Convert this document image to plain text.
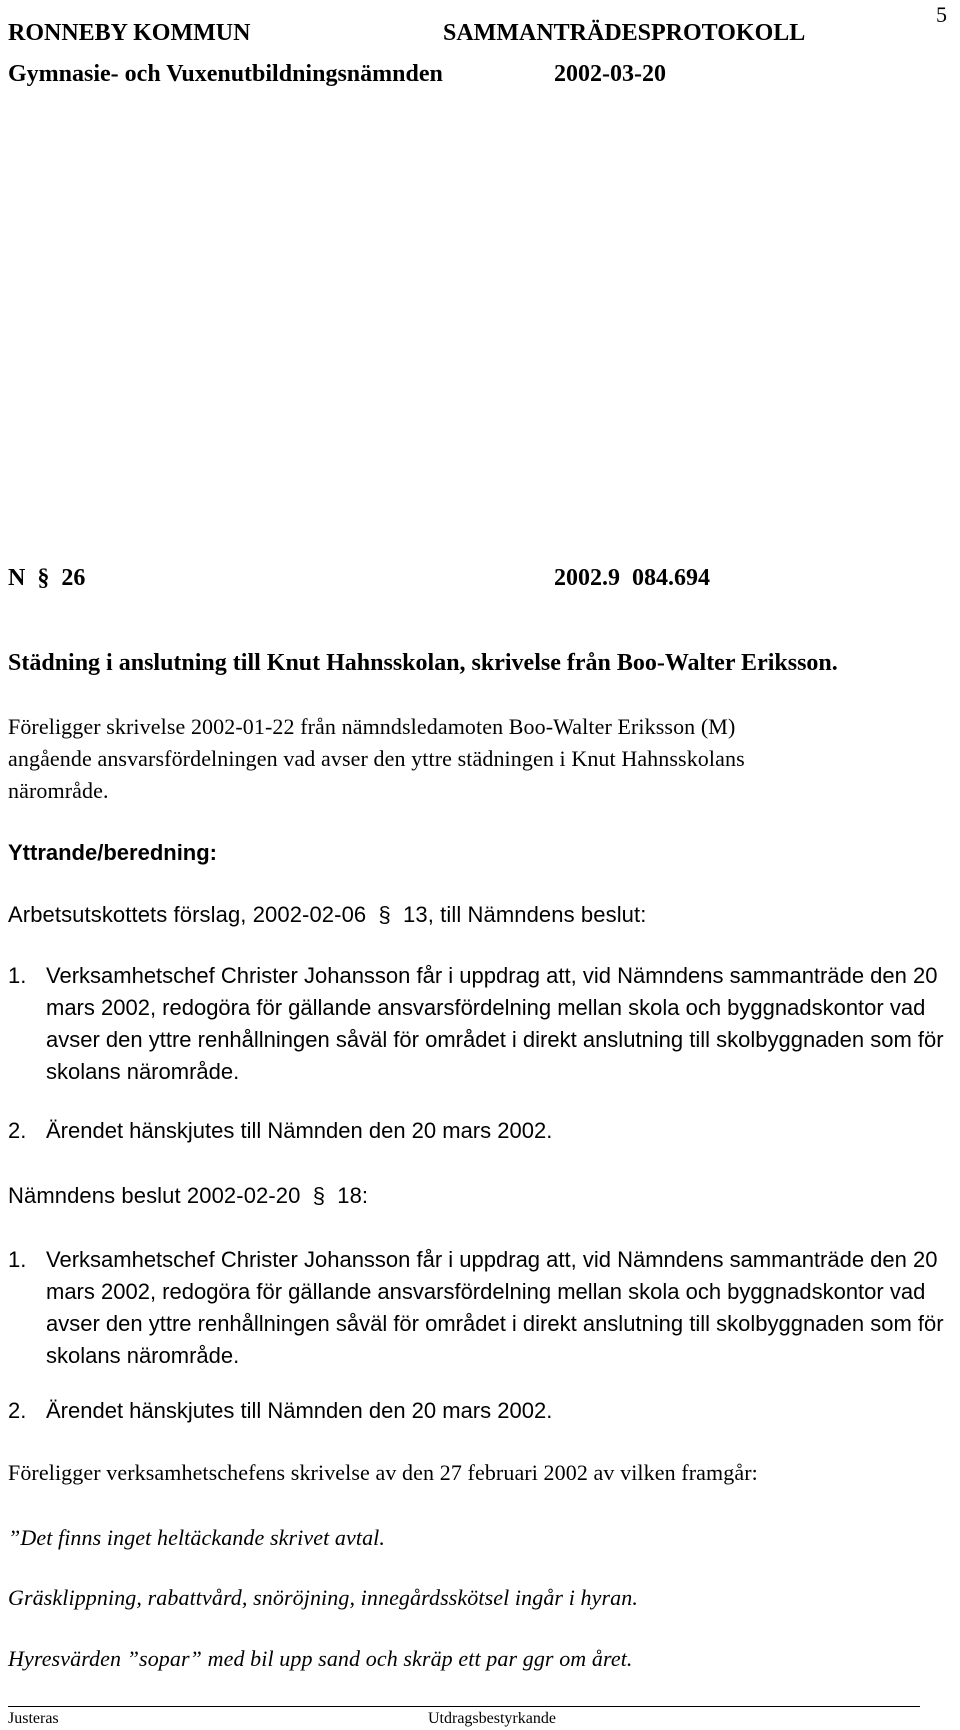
5
RONNEBY KOMMUN	SAMMANTRÄDESPROTOKOLL
Gymnasie- och Vuxenutbildningsnämnden	2002-03-20
N § 26	2002.9  084.694
Städning i anslutning till Knut Hahnsskolan, skrivelse från Boo-Walter Eriksson.
Föreligger skrivelse 2002-01-22 från nämndsledamoten Boo-Walter Eriksson (M)
angående ansvarsfördelningen vad avser den yttre städningen i Knut Hahnsskolans
närområde.
Yttrande/beredning:
Arbetsutskottets förslag, 2002-02-06 § 13, till Nämndens beslut:
1. Verksamhetschef Christer Johansson får i uppdrag att, vid Nämndens sammanträde den 20 mars 2002, redogöra för gällande ansvarsfördelning mellan skola och byggnadskontor vad avser den yttre renhållningen såväl för området i direkt anslutning till skolbyggnaden som för skolans närområde.
2. Ärendet hänskjutes till Nämnden den 20 mars 2002.
Nämndens beslut 2002-02-20 § 18:
1. Verksamhetschef Christer Johansson får i uppdrag att, vid Nämndens sammanträde den 20 mars 2002, redogöra för gällande ansvarsfördelning mellan skola och byggnadskontor vad avser den yttre renhållningen såväl för området i direkt anslutning till skolbyggnaden som för skolans närområde.
2. Ärendet hänskjutes till Nämnden den 20 mars 2002.
Föreligger verksamhetschefens skrivelse av den 27 februari 2002 av vilken framgår:
”Det finns inget heltäckande skrivet avtal.
Gräsklippning, rabattvård, snöröjning, innegårdsskötsel ingår i hyran.
Hyresvärden ”sopar” med bil upp sand och skräp ett par ggr om året.
Justeras	Utdragsbestyrkande
